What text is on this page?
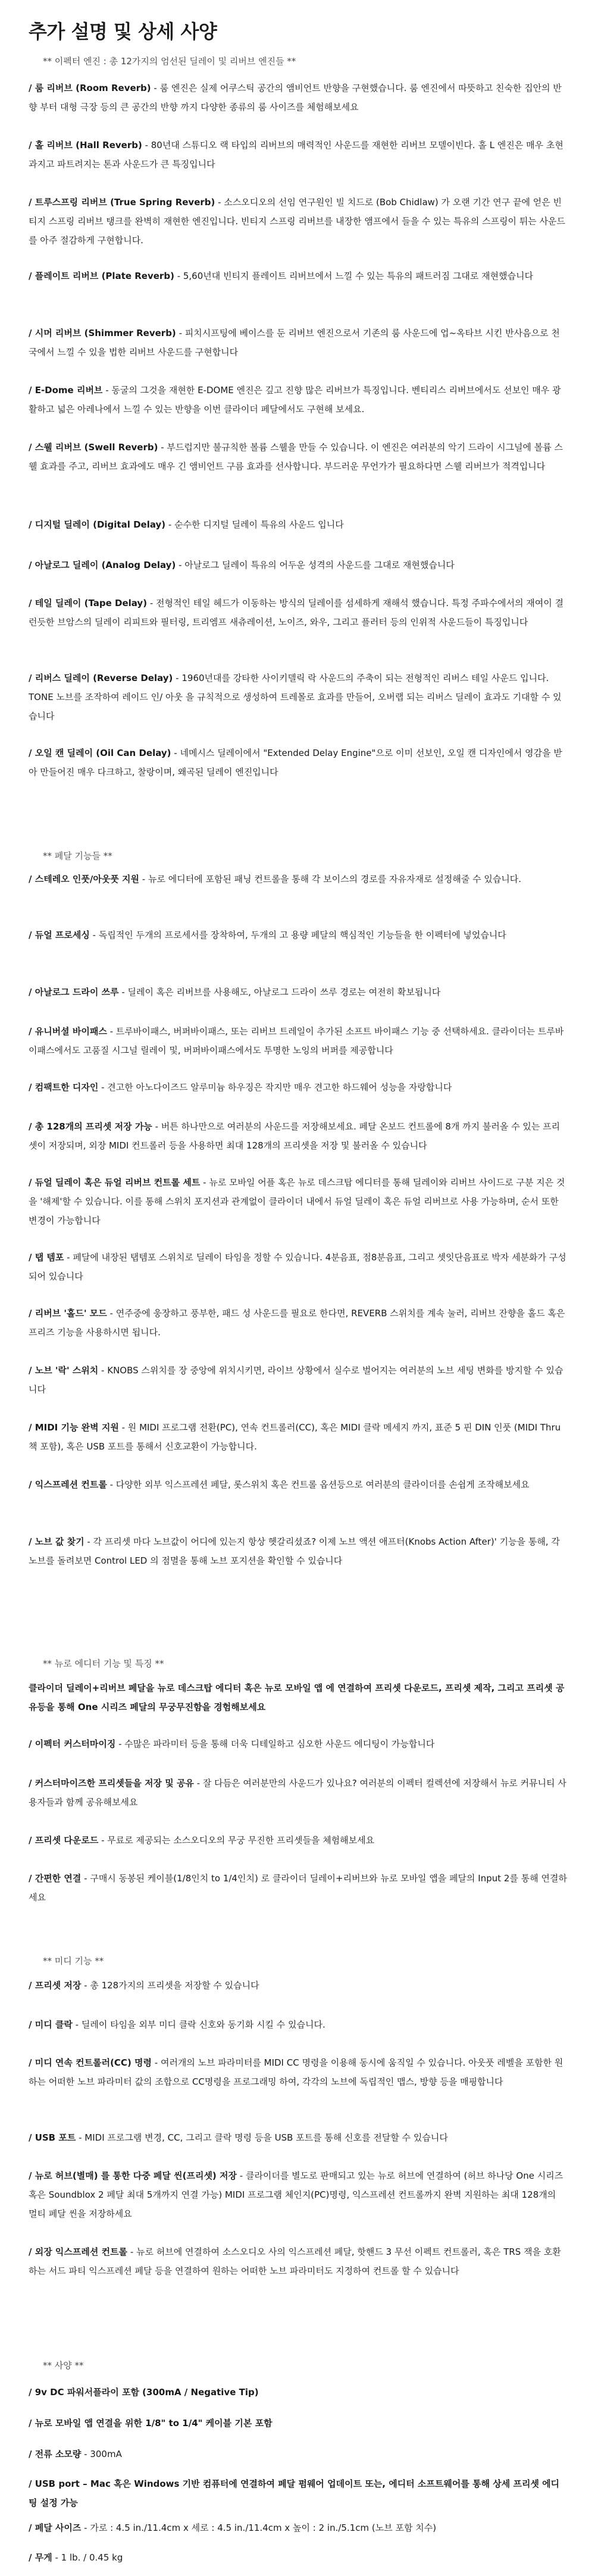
추가 설명 및 상세 사양
** 이펙터 엔진 : 총 12가지의 엄선된 딜레이 및 리버브 엔진들 **
/ 룸 리버브 (Room Reverb) - 룸 엔진은 실제 어쿠스틱 공간의 앰비언트 반향을 구현했습니다. 룸 엔진에서 따뜻하고 친숙한 집안의 반향 부터 대형 극장 등의 큰 공간의 반향 까지 다양한 종류의 룸 사이즈를 체험해보세요
/ 홀 리버브 (Hall Reverb) - 80년대 스튜디오 랙 타입의 리버브의 매력적인 사운드를 재현한 리버브 모델이빈다. 홀 L 엔진은 매우 초현과지고 파트려지는 톤과 사운드가 큰 특징입니다
/ 트루스프링 리버브 (True Spring Reverb) - 소스오디오의 선임 연구원인 빌 치드로 (Bob Chidlaw) 가 오랜 기간 연구 끝에 얻은 빈티지 스프링 리버브 탱크를 완벽히 재현한 엔진입니다. 빈티지 스프링 리버브를 내장한 앰프에서 들을 수 있는 특유의 스프링이 튀는 사운드를 아주 절감하게 구현합니다.
/ 플레이트 리버브 (Plate Reverb) - 5,60년대 빈티지 플레이트 리버브에서 느낄 수 있는 특유의 패트러짐 그대로 재현했습니다
/ 시머 리버브 (Shimmer Reverb) - 피치시프팅에 베이스를 둔 리버브 엔진으로서 기존의 룸 사운드에 업~옥타브 시킨 반사음으로 천국에서 느낄 수 있을 법한 리버브 사운드를 구현합니다
/ E-Dome 리버브 - 동굴의 그것을 재현한 E-DOME 엔진은 깊고 진향 많은 리버브가 특징입니다. 벤티리스 리버브에서도 선보인 매우 광활하고 넓은 아레나에서 느낄 수 있는 반향을 이번 클라이더 페달에서도 구현해 보세요.
/ 스웰 리버브 (Swell Reverb) - 부드럽지만 불규칙한 볼륨 스웰을 만들 수 있습니다. 이 엔진은 여러분의 악기 드라이 시그널에 볼륨 스웰 효과를 주고, 리버브 효과에도 매우 긴 앰비언트 구름 효과를 선사합니다. 부드러운 무언가가 필요하다면 스웰 리버브가 적격입니다
/ 디지털 딜레이 (Digital Delay) - 순수한 디지털 딜레이 특유의 사운드 입니다
/ 아날로그 딜레이 (Analog Delay) - 아날로그 딜레이 특유의 어두운 성격의 사운드를 그대로 재현했습니다
/ 테일 딜레이 (Tape Delay) - 전형적인 테일 헤드가 이동하는 방식의 딜레이를 섬세하게 재해석 했습니다. 특정 주파수에서의 재여이 결런듯한 브암스의 딜레이 리피트와 필터링, 트리엠프 새츄레이션, 노이즈, 와우, 그리고 플러터 등의 인위적 사운드들이 특징입니다
/ 리버스 딜레이 (Reverse Delay) - 1960년대를 강타한 사이키델릭 락 사운드의 주축이 되는 전형적인 리버스 테일 사운드 입니다. TONE 노브를 조작하여 레이드 인/ 아웃 을 규칙적으로 생성하여 트레몰로 효과를 만들어, 오버랩 되는 리버스 딜레이 효과도 기대할 수 있습니다
/ 오일 캔 딜레이 (Oil Can Delay) - 네메시스 딜레이에서 "Extended Delay Engine"으로 이미 선보인, 오일 캔 디자인에서 영감을 받아 만들어진 매우 다크하고, 찰랑이며, 왜곡된 딜레이 엔진입니다
** 페달 기능들 **
/ 스테레오 인풋/아웃풋 지원 - 뉴로 에디터에 포함된 패닝 컨트롤을 통해 각 보이스의 경로를 자유자재로 설정해줄 수 있습니다.
/ 듀얼 프로세싱 - 독립적인 두개의 프로세서를 장착하여, 두개의 고 용량 페달의 핵심적인 기능들을 한 이펙터에 넣었습니다
/ 아날로그 드라이 쓰루 - 딜레이 혹은 리버브를 사용해도, 아날로그 드라이 쓰루 경로는 여전히 확보됩니다
/ 유니버셜 바이패스 - 트루바이패스, 버퍼바이패스, 또는 리버브 트레일이 추가된 소프트 바이패스 기능 중 선택하세요. 클라이더는 트루바이패스에서도 고품질 시그널 릴레이 및, 버퍼바이패스에서도 투명한 노잉의 버퍼를 제공합니다
/ 컴팩트한 디자인 - 견고한 아노다이즈드 알루미늄 하우징은 작지만 매우 견고한 하드웨어 성능을 자랑합니다
/ 총 128개의 프리셋 저장 가능 - 버튼 하나만으로 여러분의 사운드를 저장해보세요. 페달 온보드 컨트롤에 8개 까지 불러올 수 있는 프리셋이 저장되며, 외장 MIDI 컨트롤러 등을 사용하면 최대 128개의 프리셋을 저장 및 불러올 수 있습니다
/ 듀얼 딜레이 혹은 듀얼 리버브 컨트롤 세트 - 뉴로 모바일 어플 혹은 뉴로 데스크탑 에디터를 통해 딜레이와 리버브 사이드로 구분 지은 것을 '해제'할 수 있습니다. 이를 통해 스위치 포지션과 관계없이 클라이더 내에서 듀얼 딜레이 혹은 듀얼 리버브로 사용 가능하며, 순서 또한 변경이 가능합니다
/ 탭 템포 - 페달에 내장된 탭템포 스위치로 딜레이 타임을 정할 수 있습니다. 4분음표, 점8분음표, 그리고 셋잇단음표로 박자 세분화가 구성되어 있습니다
/ 리버브 '홀드' 모드 - 연주중에 웅장하고 풍부한, 패드 성 사운드를 필요로 한다면, REVERB 스위치를 계속 눌러, 리버브 잔향을 홀드 혹은 프리즈 기능을 사용하시면 됩니다.
/ 노브 '락' 스위치 - KNOBS 스위치를 장 중앙에 위치시키면, 라이브 상황에서 실수로 벌어지는 여러분의 노브 세팅 변화를 방지할 수 있습니다
/ MIDI 기능 완벽 지원 - 원 MIDI 프로그램 전환(PC), 연속 컨트롤러(CC), 혹은 MIDI 클락 메세지 까지, 표준 5 핀 DIN 인풋 (MIDI Thru 책 포함), 혹은 USB 포트를 통해서 신호교환이 가능합니다.
/ 익스프레션 컨트롤 - 다양한 외부 익스프레션 페달, 롯스위치 혹은 컨트롤 옵션등으로 여러분의 클라이더를 손쉽게 조작해보세요
/ 노브 값 찾기 - 각 프리셋 마다 노브값이 어디에 있는지 항상 헷갈리셨죠? 이제 노브 액션 애프터(Knobs Action After)' 기능을 통해, 각 노브를 돌려보면 Control LED 의 점멸을 통해 노브 포지션을 확인할 수 있습니다
** 뉴로 에디터 기능 및 특징 **
클라이더 딜레이+리버브 페달을 뉴로 데스크탑 에디터 혹은 뉴로 모바일 앱 에 연결하여 프리셋 다운로드, 프리셋 제작, 그리고 프리셋 공유등을 통해 One 시리즈 페달의 무궁무진함을 경험해보세요
/ 이펙터 커스터마이징 - 수많은 파라미터 등을 통해 더욱 디테일하고 심오한 사운드 에디팅이 가능합니다
/ 커스터마이즈한 프리셋들을 저장 및 공유 - 잘 다듬은 여러분만의 사운드가 있나요? 여러분의 이펙터 컬렉션에 저장해서 뉴로 커뮤니티 사용자들과 함께 공유해보세요
/ 프리셋 다운로드 - 무료로 제공되는 소스오디오의 무궁 무진한 프리셋들을 체험해보세요
/ 간편한 연결 - 구매시 동봉된 케이블(1/8인치 to 1/4인치) 로 클라이더 딜레이+리버브와 뉴로 모바일 앱을 페달의 Input 2를 통해 연결하세요
** 미디 기능 **
/ 프리셋 저장 - 총 128가지의 프리셋을 저장할 수 있습니다
/ 미디 클락 - 딜레이 타임을 외부 미디 클락 신호와 동기화 시킬 수 있습니다.
/ 미디 연속 컨트롤러(CC) 명령 - 여러개의 노브 파라미터를 MIDI CC 명령을 이용해 동시에 움직일 수 있습니다. 아웃풋 레벨을 포함한 원하는 어떠한 노브 파라미터 값의 조합으로 CC명령을 프로그래밍 하여, 각각의 노브에 독립적인 맵스, 방향 등을 매핑합니다
/ USB 포트 - MIDI 프로그램 변경, CC, 그리고 클락 명령 등을 USB 포트를 통해 신호를 전달할 수 있습니다
/ 뉴로 허브(별매) 를 통한 다중 페달 씬(프리셋) 저장 - 클라이더를 별도로 판매되고 있는 뉴로 허브에 연결하여 (허브 하나당 One 시리즈 혹은 Soundblox 2 페달 최대 5개까지 연결 가능) MIDI 프로그램 체인지(PC)명령, 익스프레션 컨트롤까지 완벽 지원하는 최대 128개의 멀티 페달 씬을 저장하세요
/ 외장 익스프레션 컨트롤 - 뉴로 허브에 연결하여 소스오디오 사의 익스프레션 페달, 핫핸드 3 무선 이펙트 컨트롤러, 혹은 TRS 잭을 호환하는 서드 파티 익스프레션 페달 등을 연결하여 원하는 어떠한 노브 파라미터도 지정하여 컨트롤 할 수 있습니다
** 사양 **
/ 9v DC 파워서플라이 포함 (300mA / Negative Tip)
/ 뉴로 모바일 앱 연결을 위한 1/8" to 1/4" 케이블 기본 포함
/ 전류 소모량 - 300mA
/ USB port – Mac 혹은 Windows 기반 컴퓨터에 연결하여 페달 펌웨어 업데이트 또는, 에디터 소프트웨어를 통해 상세 프리셋 에디팅 설정 가능
/ 페달 사이즈 - 가로 : 4.5 in./11.4cm x 세로 : 4.5 in./11.4cm x 높이 : 2 in./5.1cm (노브 포함 치수)
/ 무게 - 1 lb. / 0.45 kg
